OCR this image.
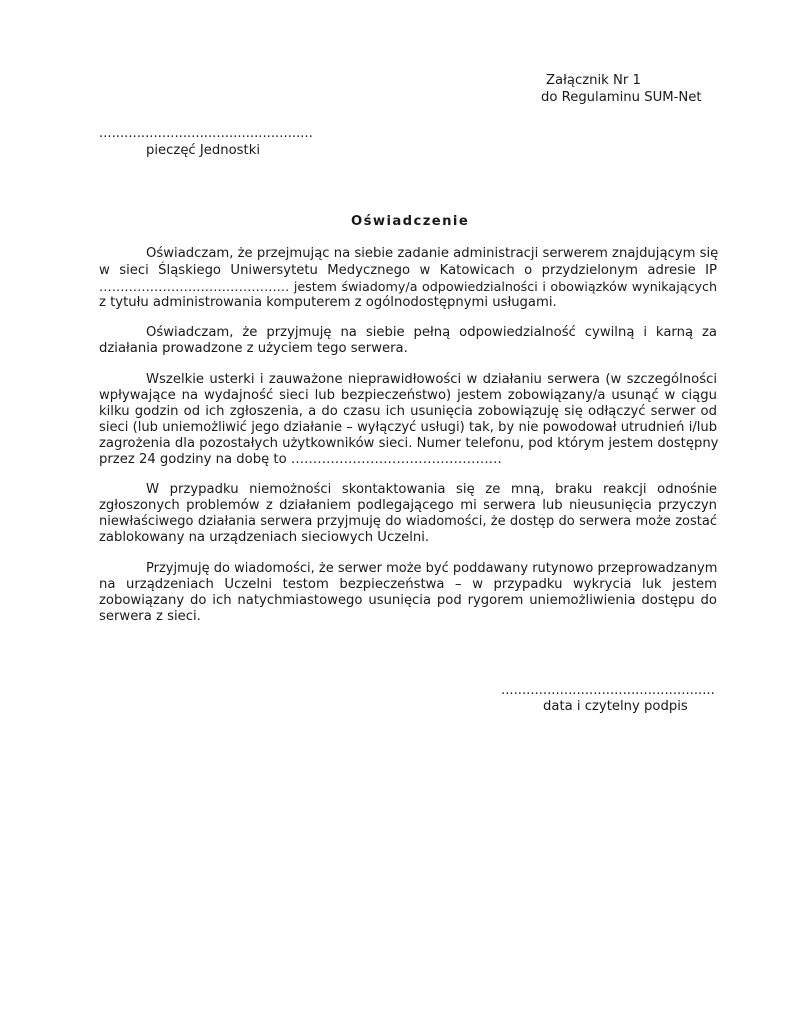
Załącznik Nr 1
do Regulaminu SUM-Net
...................................................
pieczęć Jednostki
Oświadczenie
Oświadczam, że przejmując na siebie zadanie administracji serwerem znajdującym się
w sieci Śląskiego Uniwersytetu Medycznego w Katowicach o przydzielonym adresie IP
……………………………………… jestem świadomy/a odpowiedzialności i obowiązków wynikających
z tytułu administrowania komputerem z ogólnodostępnymi usługami.
Oświadczam, że przyjmuję na siebie pełną odpowiedzialność cywilną i karną za
działania prowadzone z użyciem tego serwera.
Wszelkie usterki i zauważone nieprawidłowości w działaniu serwera (w szczególności
wpływające na wydajność sieci lub bezpieczeństwo) jestem zobowiązany/a usunąć w ciągu
kilku godzin od ich zgłoszenia, a do czasu ich usunięcia zobowiązuję się odłączyć serwer od
sieci (lub uniemożliwić jego działanie – wyłączyć usługi) tak, by nie powodował utrudnień i/lub
zagrożenia dla pozostałych użytkowników sieci. Numer telefonu, pod którym jestem dostępny
przez 24 godziny na dobę to …………………………………………
W przypadku niemożności skontaktowania się ze mną, braku reakcji odnośnie
zgłoszonych problemów z działaniem podlegającego mi serwera lub nieusunięcia przyczyn
niewłaściwego działania serwera przyjmuję do wiadomości, że dostęp do serwera może zostać
zablokowany na urządzeniach sieciowych Uczelni.
Przyjmuję do wiadomości, że serwer może być poddawany rutynowo przeprowadzanym
na urządzeniach Uczelni testom bezpieczeństwa – w przypadku wykrycia luk jestem
zobowiązany do ich natychmiastowego usunięcia pod rygorem uniemożliwienia dostępu do
serwera z sieci.
...................................................
data i czytelny podpis
